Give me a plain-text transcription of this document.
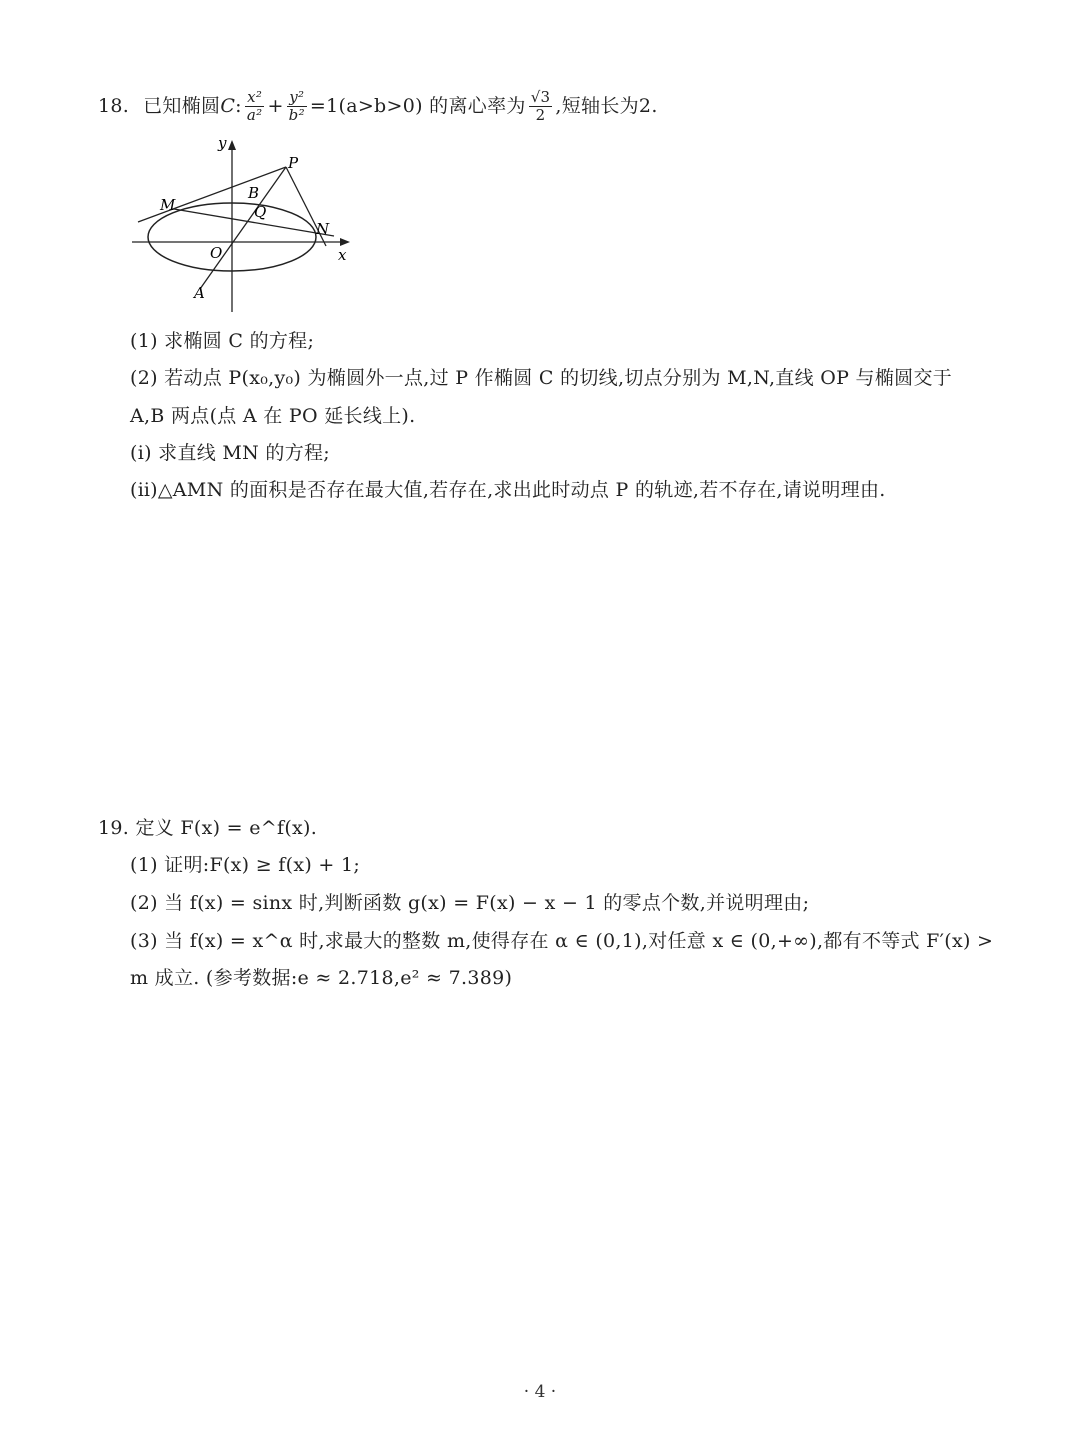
18. 已知椭圆 C : $\frac{\text{x²}}{\text{a²}} + \frac{\text{y²}}{\text{b²}} =1(a>b>0)$ 的离心率为 $\frac{√3}{2}$ ,短轴长为2.
y
x
P
M
B
Q
N
O
A
(1) 求椭圆 C 的方程;
(2) 若动点 P(x₀,y₀) 为椭圆外一点,过 P 作椭圆 C 的切线,切点分别为 M,N,直线 OP 与椭圆交于
A,B 两点(点 A 在 PO 延长线上).
(ⅰ) 求直线 MN 的方程;
(ⅱ)△AMN 的面积是否存在最大值,若存在,求出此时动点 P 的轨迹,若不存在,请说明理由.
19. 定义 F(x) = e^f(x).
(1) 证明:F(x) ≥ f(x) + 1;
(2) 当 f(x) = sinx 时,判断函数 g(x) = F(x) − x − 1 的零点个数,并说明理由;
(3) 当 f(x) = x^α 时,求最大的整数 m,使得存在 α ∈ (0,1),对任意 x ∈ (0,+∞),都有不等式 F′(x) >
m 成立. (参考数据:e ≈ 2.718,e² ≈ 7.389)
· 4 ·
